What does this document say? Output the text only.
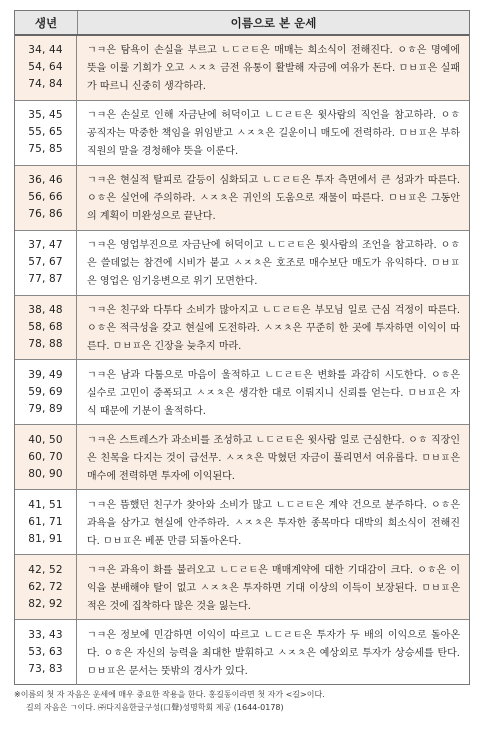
생년	이름으로 본 운세
34, 44
54, 64
74, 84
ㄱㅋ은 탐욕이 손실을 부르고 ㄴㄷㄹㅌ은 매매는 희소식이 전해진다. ㅇㅎ은 명예에 뜻을 이룰 기회가 오고 ㅅㅈㅊ 금전 유통이 활발해 자금에 여유가 돈다. ㅁㅂㅍ은 실패가 따르니 신중히 생각하라.
35, 45
55, 65
75, 85
ㄱㅋ은 손실로 인해 자금난에 허덕이고 ㄴㄷㄹㅌ은 윗사람의 직언을 참고하라. ㅇㅎ 공직자는 막중한 책임을 위임받고 ㅅㅈㅊ은 길운이니 매도에 전력하라. ㅁㅂㅍ은 부하직원의 말을 경청해야 뜻을 이룬다.
36, 46
56, 66
76, 86
ㄱㅋ은 현실적 탈피로 갈등이 심화되고 ㄴㄷㄹㅌ은 투자 측면에서 큰 성과가 따른다. ㅇㅎ은 실언에 주의하라. ㅅㅈㅊ은 귀인의 도움으로 재물이 따른다. ㅁㅂㅍ은 그동안의 계획이 미완성으로 끝난다.
37, 47
57, 67
77, 87
ㄱㅋ은 영업부진으로 자금난에 허덕이고 ㄴㄷㄹㅌ은 윗사람의 조언을 참고하라. ㅇㅎ은 쓸데없는 참견에 시비가 붙고 ㅅㅈㅊ은 호조로 매수보단 매도가 유익하다. ㅁㅂㅍ은 영업은 임기응변으로 위기 모면한다.
38, 48
58, 68
78, 88
ㄱㅋ은 친구와 다투다 소비가 많아지고 ㄴㄷㄹㅌ은 부모님 일로 근심 걱정이 따른다. ㅇㅎ은 적극성을 갖고 현실에 도전하라. ㅅㅈㅊ은 꾸준히 한 곳에 투자하면 이익이 따른다. ㅁㅂㅍ은 긴장을 늦추지 마라.
39, 49
59, 69
79, 89
ㄱㅋ은 남과 다툼으로 마음이 울적하고 ㄴㄷㄹㅌ은 변화를 과감히 시도한다. ㅇㅎ은 실수로 고민이 중폭되고 ㅅㅈㅊ은 생각한 대로 이뤄지니 신뢰를 얻는다. ㅁㅂㅍ은 자식 때문에 기분이 울적하다.
40, 50
60, 70
80, 90
ㄱㅋ은 스트레스가 과소비를 조성하고 ㄴㄷㄹㅌ은 윗사람 일로 근심한다. ㅇㅎ 직장인은 친목을 다지는 것이 급선무. ㅅㅈㅊ은 막혔던 자금이 풀리면서 여유롭다. ㅁㅂㅍ은 매수에 전력하면 투자에 이익된다.
41, 51
61, 71
81, 91
ㄱㅋ은 뜸했던 친구가 찾아와 소비가 많고 ㄴㄷㄹㅌ은 계약 건으로 분주하다. ㅇㅎ은 과욕을 삼가고 현실에 안주하라. ㅅㅈㅊ은 투자한 종목마다 대박의 희소식이 전해진다. ㅁㅂㅍ은 베푼 만큼 되돌아온다.
42, 52
62, 72
82, 92
ㄱㅋ은 과욕이 화를 불러오고 ㄴㄷㄹㅌ은 매매계약에 대한 기대감이 크다. ㅇㅎ은 이익을 분배해야 탈이 없고 ㅅㅈㅊ은 투자하면 기대 이상의 이득이 보장된다. ㅁㅂㅍ은 적은 것에 집착하다 많은 것을 잃는다.
33, 43
53, 63
73, 83
ㄱㅋ은 정보에 민감하면 이익이 따르고 ㄴㄷㄹㅌ은 투자가 두 배의 이익으로 돌아온다. ㅇㅎ은 자신의 능력을 최대한 발휘하고 ㅅㅈㅊ은 예상외로 투자가 상승세를 탄다. ㅁㅂㅍ은 문서는 뚯밖의 경사가 있다.
※이름의 첫 자 자음은 운세에 매우 중요한 작용을 한다. 홍길동이라면 첫 자가 <길>이다.
길의 자음은 ㄱ이다. ㈜다지음한글구성(口聲)성명학회 제공 (1644-0178)
